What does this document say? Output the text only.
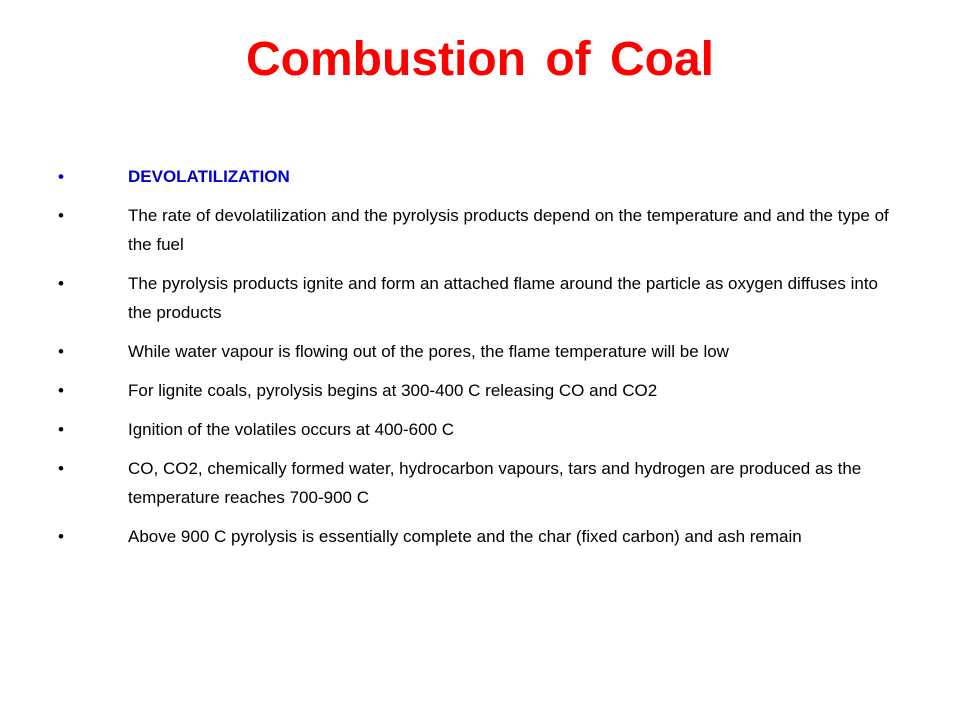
Combustion of Coal
•	DEVOLATILIZATION
•	The rate of devolatilization and the pyrolysis products depend on the temperature and and the type of the fuel
•	The pyrolysis products ignite and form an attached flame around the particle as oxygen diffuses into the products
•	While water vapour is flowing out of the pores, the flame temperature will be low
•	For lignite coals, pyrolysis begins at 300-400 C releasing CO and CO2
•	Ignition of the volatiles occurs at 400-600 C
•	CO, CO2, chemically formed water, hydrocarbon vapours, tars and hydrogen are produced as the temperature reaches 700-900 C
•	Above 900 C pyrolysis is essentially complete and the char (fixed carbon) and ash remain
